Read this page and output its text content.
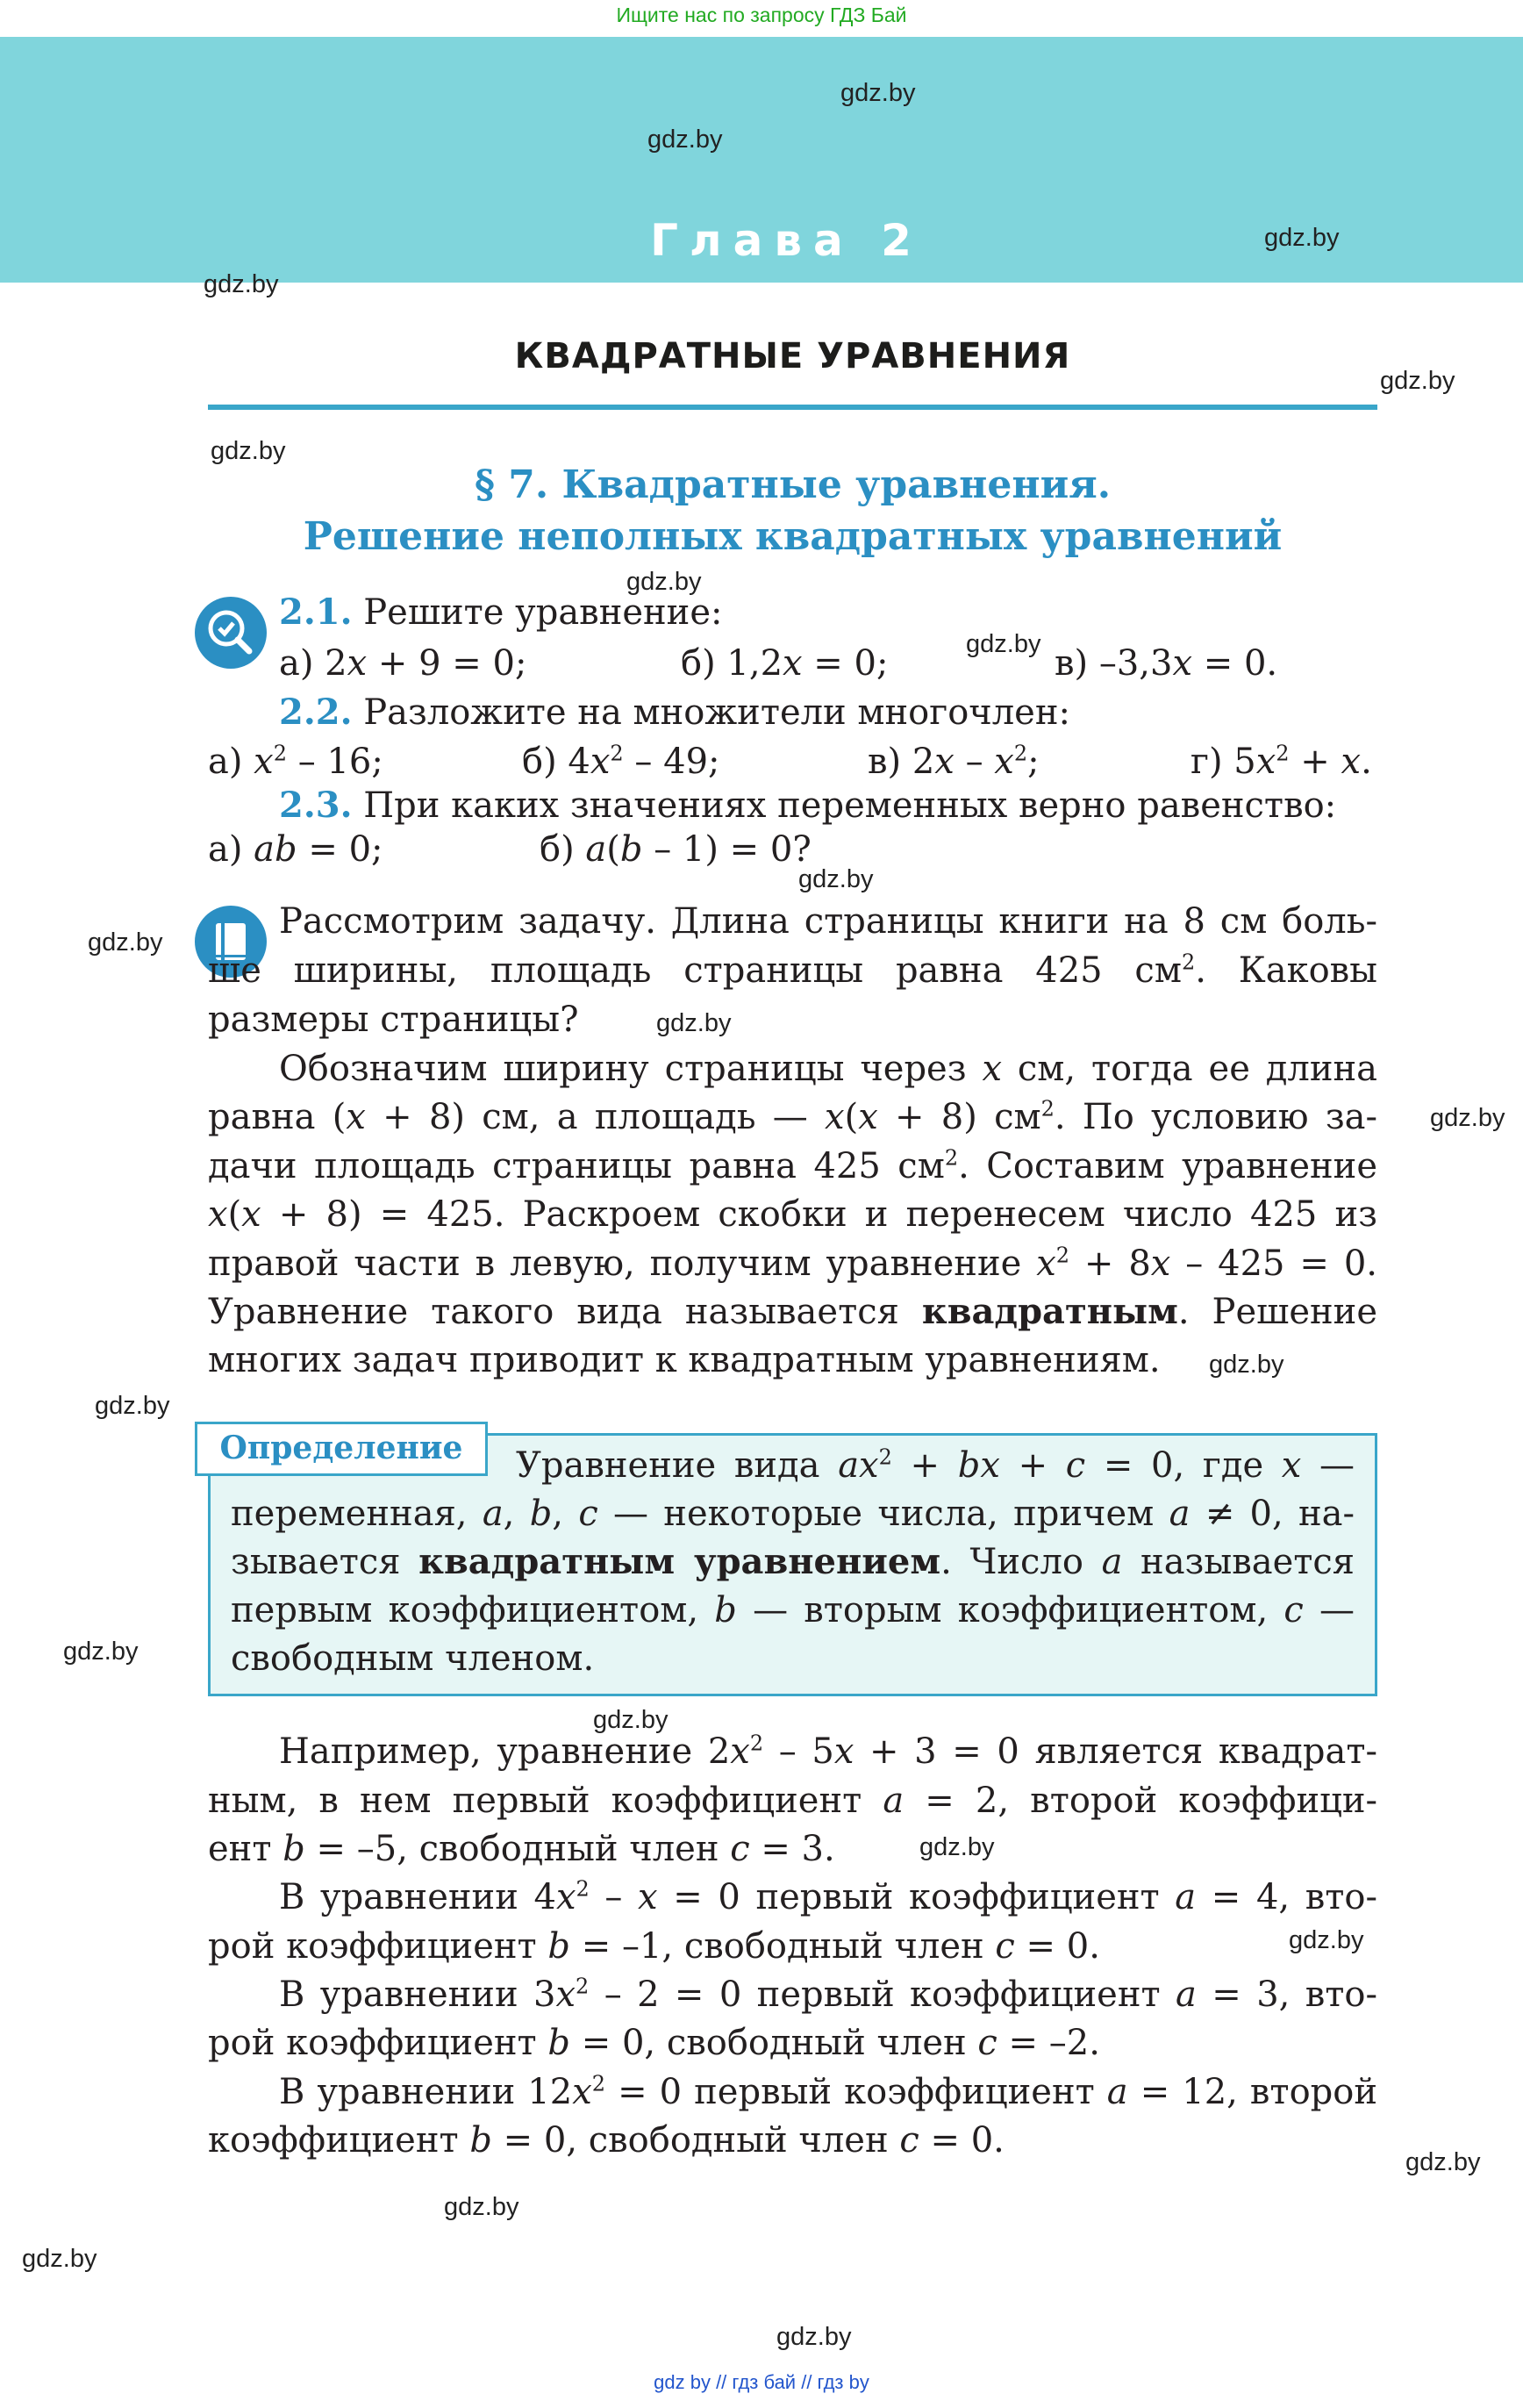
Ищите нас по запросу ГДЗ Бай
Глава 2
gdz.by
gdz.by
gdz.by
gdz.by
gdz.by
gdz.by
gdz.by
gdz.by
gdz.by
gdz.by
gdz.by
gdz.by
gdz.by
gdz.by
gdz.by
gdz.by
gdz.by
gdz.by
gdz.by
gdz.by
gdz.by
gdz.by
КВАДРАТНЫЕ УРАВНЕНИЯ
§ 7. Квадратные уравнения.
Решение неполных квадратных уравнений
2.1. Решите уравнение:
а) 2x + 9 = 0;	б) 1,2x = 0;	в) –3,3x = 0.
2.2. Разложите на множители многочлен:
а) $x^2 - 16$;	б) $4x^2 - 49$;	в) $2x - x^2$;	г) $5x^2 + x$.
2.3. При каких значениях переменных верно равенство:
а) ab = 0;	б) a(b – 1) = 0?
Рассмотрим задачу. Длина страницы книги на 8 см боль-
ше ширины, площадь страницы равна 425 $см^2$. Каковы
размеры страницы?
Обозначим ширину страницы через x см, тогда ее длина
равна (x + 8) см, а площадь — x(x + 8) $см^2$. По условию за-
дачи площадь страницы равна 425 $см^2$. Составим уравнение
x(x + 8) = 425. Раскроем скобки и перенесем число 425 из
правой части в левую, получим уравнение $x^2 + 8x - 425 = 0$.
Уравнение такого вида называется квадратным. Решение
многих задач приводит к квадратным уравнениям.
Определение	Уравнение вида $ax^2$ + bx + c = 0, где x —
переменная, a, b, c — некоторые числа, причем a ≠ 0, на-
зывается квадратным уравнением. Число a называется
первым коэффициентом, b — вторым коэффициентом, c —
свободным членом.
Например, уравнение $2x^2 - 5x + 3 = 0$ является квадрат-
ным, в нем первый коэффициент a = 2, второй коэффици-
ент b = –5, свободный член c = 3.
В уравнении $4x^2 - x = 0$ первый коэффициент a = 4, вто-
рой коэффициент b = –1, свободный член c = 0.
В уравнении $3x^2 - 2 = 0$ первый коэффициент a = 3, вто-
рой коэффициент b = 0, свободный член c = –2.
В уравнении $12x^2 = 0$ первый коэффициент a = 12, второй
коэффициент b = 0, свободный член c = 0.
gdz by // гдз бай // гдз by
